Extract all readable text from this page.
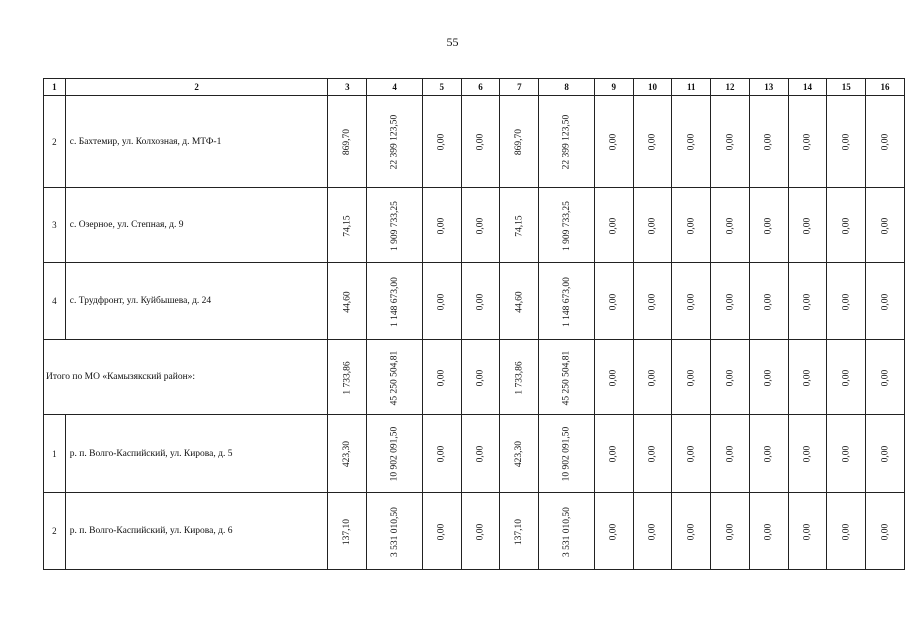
55
1	2	3	4	5	6	7	8	9	10	11	12	13	14	15	16
2	с. Бахтемир, ул. Колхозная, д. МТФ-1	869,70	22 399 123,50	0,00	0,00	869,70	22 399 123,50	0,00	0,00	0,00	0,00	0,00	0,00	0,00	0,00
3	с. Озерное, ул. Степная, д. 9	74,15	1 909 733,25	0,00	0,00	74,15	1 909 733,25	0,00	0,00	0,00	0,00	0,00	0,00	0,00	0,00
4	с. Трудфронт, ул. Куйбышева, д. 24	44,60	1 148 673,00	0,00	0,00	44,60	1 148 673,00	0,00	0,00	0,00	0,00	0,00	0,00	0,00	0,00
Итого по МО «Камызякский район»:		1 733,86	45 250 504,81	0,00	0,00	1 733,86	45 250 504,81	0,00	0,00	0,00	0,00	0,00	0,00	0,00	0,00
1	р. п. Волго-Каспийский, ул. Кирова, д. 5	423,30	10 902 091,50	0,00	0,00	423,30	10 902 091,50	0,00	0,00	0,00	0,00	0,00	0,00	0,00	0,00
2	р. п. Волго-Каспийский, ул. Кирова, д. 6	137,10	3 531 010,50	0,00	0,00	137,10	3 531 010,50	0,00	0,00	0,00	0,00	0,00	0,00	0,00	0,00
